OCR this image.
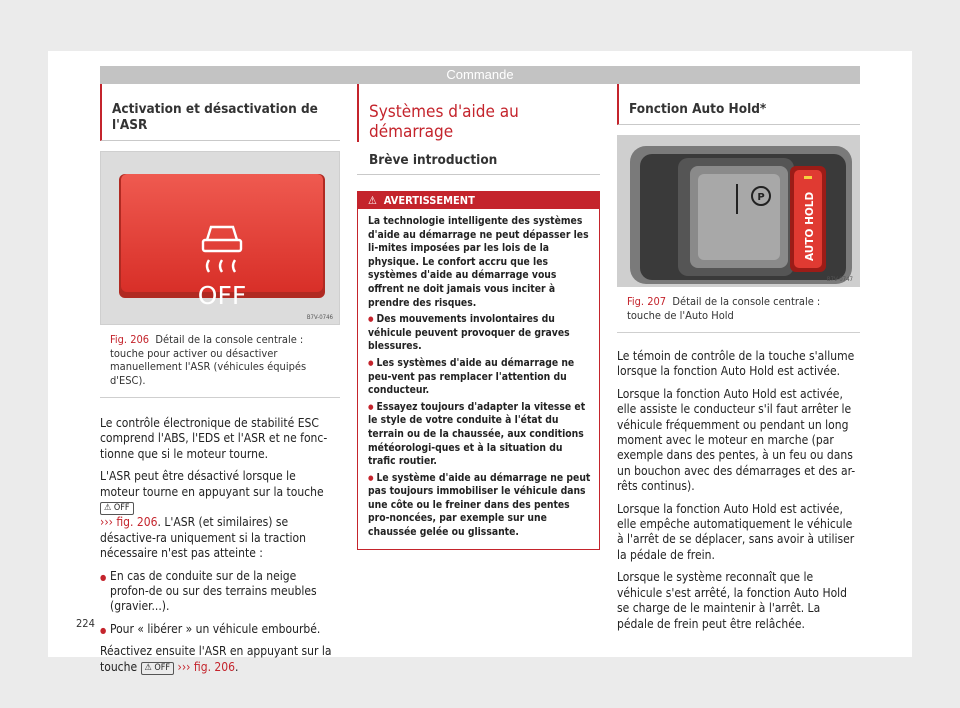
Commande
Activation et désactivation de l'ASR
OFF
B7V-0746
Fig. 206 Détail de la console centrale : touche pour activer ou désactiver manuellement l'ASR (véhicules équipés d'ESC).

Le contrôle électronique de stabilité ESC comprend l'ABS, l'EDS et l'ASR et ne fonc-tionne que si le moteur tourne.

L'ASR peut être désactivé lorsque le moteur tourne en appuyant sur la touche ⚠ OFF
››› fig. 206. L'ASR (et similaires) se désactive-ra uniquement si la traction nécessaire n'est pas atteinte :

● En cas de conduite sur de la neige profon-de ou sur des terrains meubles (gravier...).
● Pour « libérer » un véhicule embourbé.

Réactivez ensuite l'ASR en appuyant sur la touche ⚠ OFF ››› fig. 206.

Systèmes d'aide au démarrage
Brève introduction
⚠ AVERTISSEMENT

La technologie intelligente des systèmes d'aide au démarrage ne peut dépasser les li-mites imposées par les lois de la physique. Le confort accru que les systèmes d'aide au démarrage vous offrent ne doit jamais vous inciter à prendre des risques.

● Des mouvements involontaires du véhicule peuvent provoquer de graves blessures.

● Les systèmes d'aide au démarrage ne peu-vent pas remplacer l'attention du conducteur.

● Essayez toujours d'adapter la vitesse et le style de votre conduite à l'état du terrain ou de la chaussée, aux conditions météorologi-ques et à la situation du trafic routier.

● Le système d'aide au démarrage ne peut pas toujours immobiliser le véhicule dans une côte ou le freiner dans des pentes pro-noncées, par exemple sur une chaussée gelée ou glissante.

Fonction Auto Hold*
P	AUTO HOLD
B7V-0747
Fig. 207 Détail de la console centrale : touche de l'Auto Hold

Le témoin de contrôle de la touche s'allume lorsque la fonction Auto Hold est activée.

Lorsque la fonction Auto Hold est activée, elle assiste le conducteur s'il faut arrêter le véhicule fréquemment ou pendant un long moment avec le moteur en marche (par exemple dans des pentes, à un feu ou dans un bouchon avec des démarrages et des ar-rêts continus).

Lorsque la fonction Auto Hold est activée, elle empêche automatiquement le véhicule à l'arrêt de se déplacer, sans avoir à utiliser la pédale de frein.

Lorsque le système reconnaît que le véhicule s'est arrêté, la fonction Auto Hold se charge de le maintenir à l'arrêt. La pédale de frein peut être relâchée.

224
